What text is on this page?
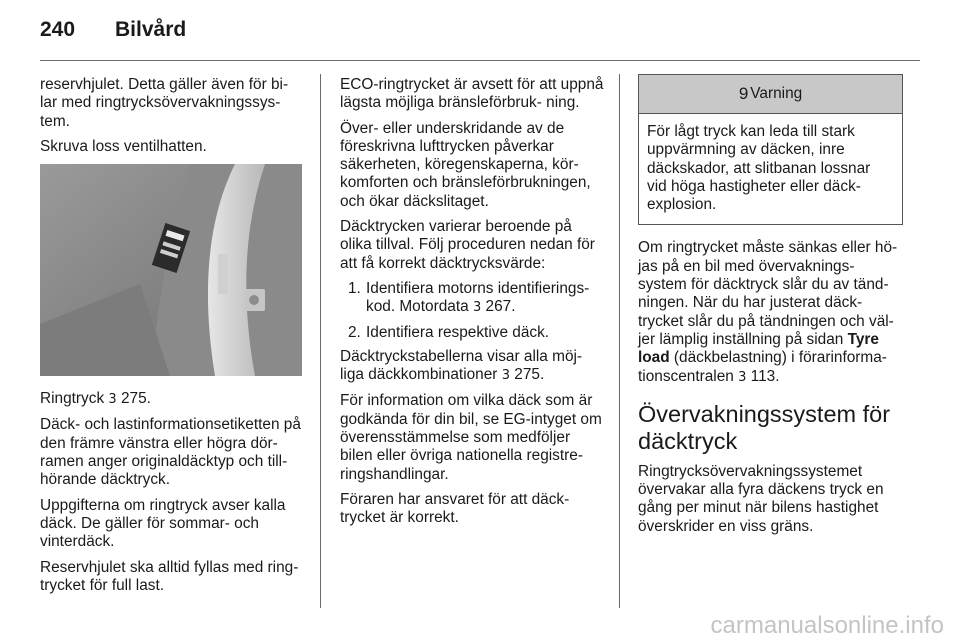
240 Bilvård

reservhjulet. Detta gäller även för bi- lar med ringtrycksövervakningssys- tem.

Skruva loss ventilhatten.

Ringtryck 3 275.

Däck- och lastinformationsetiketten på den främre vänstra eller högra dör- ramen anger originaldäcktyp och till- hörande däcktryck.

Uppgifterna om ringtryck avser kalla däck. De gäller för sommar- och vinterdäck.

Reservhjulet ska alltid fyllas med ring- trycket för full last.

ECO-ringtrycket är avsett för att uppnå lägsta möjliga bränsleförbruk- ning.

Över- eller underskridande av de föreskrivna lufttrycken påverkar säkerheten, köregenskaperna, kör- komforten och bränsleförbrukningen, och ökar däckslitaget.

Däcktrycken varierar beroende på olika tillval. Följ proceduren nedan för att få korrekt däcktrycksvärde:

1. Identifiera motorns identifierings- kod. Motordata 3 267.
2. Identifiera respektive däck.

Däcktryckstabellerna visar alla möj- liga däckkombinationer 3 275.

För information om vilka däck som är godkända för din bil, se EG-intyget om överensstämmelse som medföljer bilen eller övriga nationella registre- ringshandlingar.

Föraren har ansvaret för att däck- trycket är korrekt.

9 Varning
För lågt tryck kan leda till stark uppvärmning av däcken, inre däckskador, att slitbanan lossnar vid höga hastigheter eller däck- explosion.

Om ringtrycket måste sänkas eller hö- jas på en bil med övervaknings- system för däcktryck slår du av tänd- ningen. När du har justerat däck- trycket slår du på tändningen och väl- jer lämplig inställning på sidan Tyre load (däckbelastning) i förarinforma- tionscentralen 3 113.

Övervakningssystem för däcktryck

Ringtrycksövervakningssystemet övervakar alla fyra däckens tryck en gång per minut när bilens hastighet överskrider en viss gräns.

carmanualsonline.info
